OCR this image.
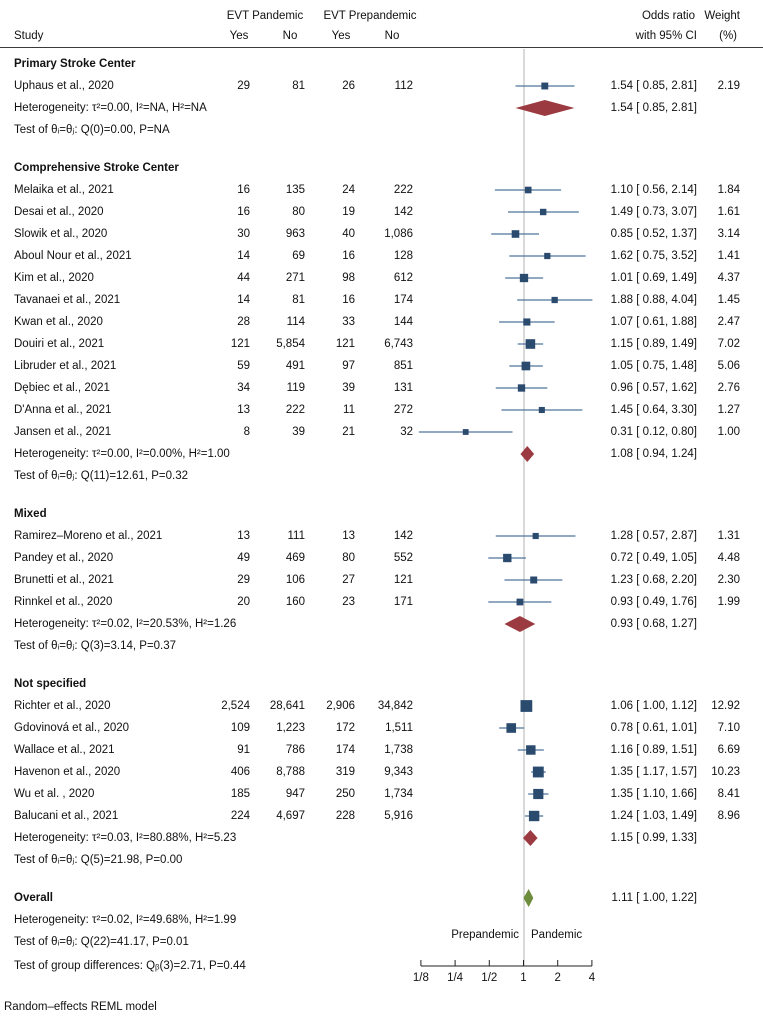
1/8 1/4 1/2 1 2 4
EVT Pandemic	EVT Prepandemic	Odds ratio Weight
Study	Yes	No	Yes	No	with 95% CI	(%)
Primary Stroke Center
Uphaus et al., 2020	29	81	26	112	1.54 [ 0.85, 2.81]	2.19
Heterogeneity: τ²=0.00, I²=NA, H²=NA	1.54 [ 0.85, 2.81]
Test of θᵢ=θⱼ: Q(0)=0.00, P=NA
Comprehensive Stroke Center
Melaika et al., 2021	16	135	24	222	1.10 [ 0.56, 2.14]	1.84
Desai et al., 2020	16	80	19	142	1.49 [ 0.73, 3.07]	1.61
Slowik et al., 2020	30	963	40	1,086	0.85 [ 0.52, 1.37]	3.14
Aboul Nour et al., 2021	14	69	16	128	1.62 [ 0.75, 3.52]	1.41
Kim et al., 2020	44	271	98	612	1.01 [ 0.69, 1.49]	4.37
Tavanaei et al., 2021	14	81	16	174	1.88 [ 0.88, 4.04]	1.45
Kwan et al., 2020	28	114	33	144	1.07 [ 0.61, 1.88]	2.47
Douiri et al., 2021	121	5,854	121	6,743	1.15 [ 0.89, 1.49]	7.02
Libruder et al., 2021	59	491	97	851	1.05 [ 0.75, 1.48]	5.06
Dębiec et al., 2021	34	119	39	131	0.96 [ 0.57, 1.62]	2.76
D'Anna et al., 2021	13	222	11	272	1.45 [ 0.64, 3.30]	1.27
Jansen et al., 2021	8	39	21	32	0.31 [ 0.12, 0.80]	1.00
Heterogeneity: τ²=0.00, I²=0.00%, H²=1.00	1.08 [ 0.94, 1.24]
Test of θᵢ=θⱼ: Q(11)=12.61, P=0.32
Mixed
Ramirez–Moreno et al., 2021	13	111	13	142	1.28 [ 0.57, 2.87]	1.31
Pandey et al., 2020	49	469	80	552	0.72 [ 0.49, 1.05]	4.48
Brunetti et al., 2021	29	106	27	121	1.23 [ 0.68, 2.20]	2.30
Rinnkel et al., 2020	20	160	23	171	0.93 [ 0.49, 1.76]	1.99
Heterogeneity: τ²=0.02, I²=20.53%, H²=1.26	0.93 [ 0.68, 1.27]
Test of θᵢ=θⱼ: Q(3)=3.14, P=0.37
Not specified
Richter et al., 2020	2,524	28,641	2,906	34,842	1.06 [ 1.00, 1.12]	12.92
Gdovinová et al., 2020	109	1,223	172	1,511	0.78 [ 0.61, 1.01]	7.10
Wallace et al., 2021	91	786	174	1,738	1.16 [ 0.89, 1.51]	6.69
Havenon et al., 2020	406	8,788	319	9,343	1.35 [ 1.17, 1.57]	10.23
Wu et al. , 2020	185	947	250	1,734	1.35 [ 1.10, 1.66]	8.41
Balucani et al., 2021	224	4,697	228	5,916	1.24 [ 1.03, 1.49]	8.96
Heterogeneity: τ²=0.03, I²=80.88%, H²=5.23	1.15 [ 0.99, 1.33]
Test of θᵢ=θⱼ: Q(5)=21.98, P=0.00
Overall	1.11 [ 1.00, 1.22]
Heterogeneity: τ²=0.02, I²=49.68%, H²=1.99
Test of θᵢ=θⱼ: Q(22)=41.17, P=0.01
Prepandemic Pandemic
Test of group differences: Qᵦ(3)=2.71, P=0.44
Random–effects REML model
